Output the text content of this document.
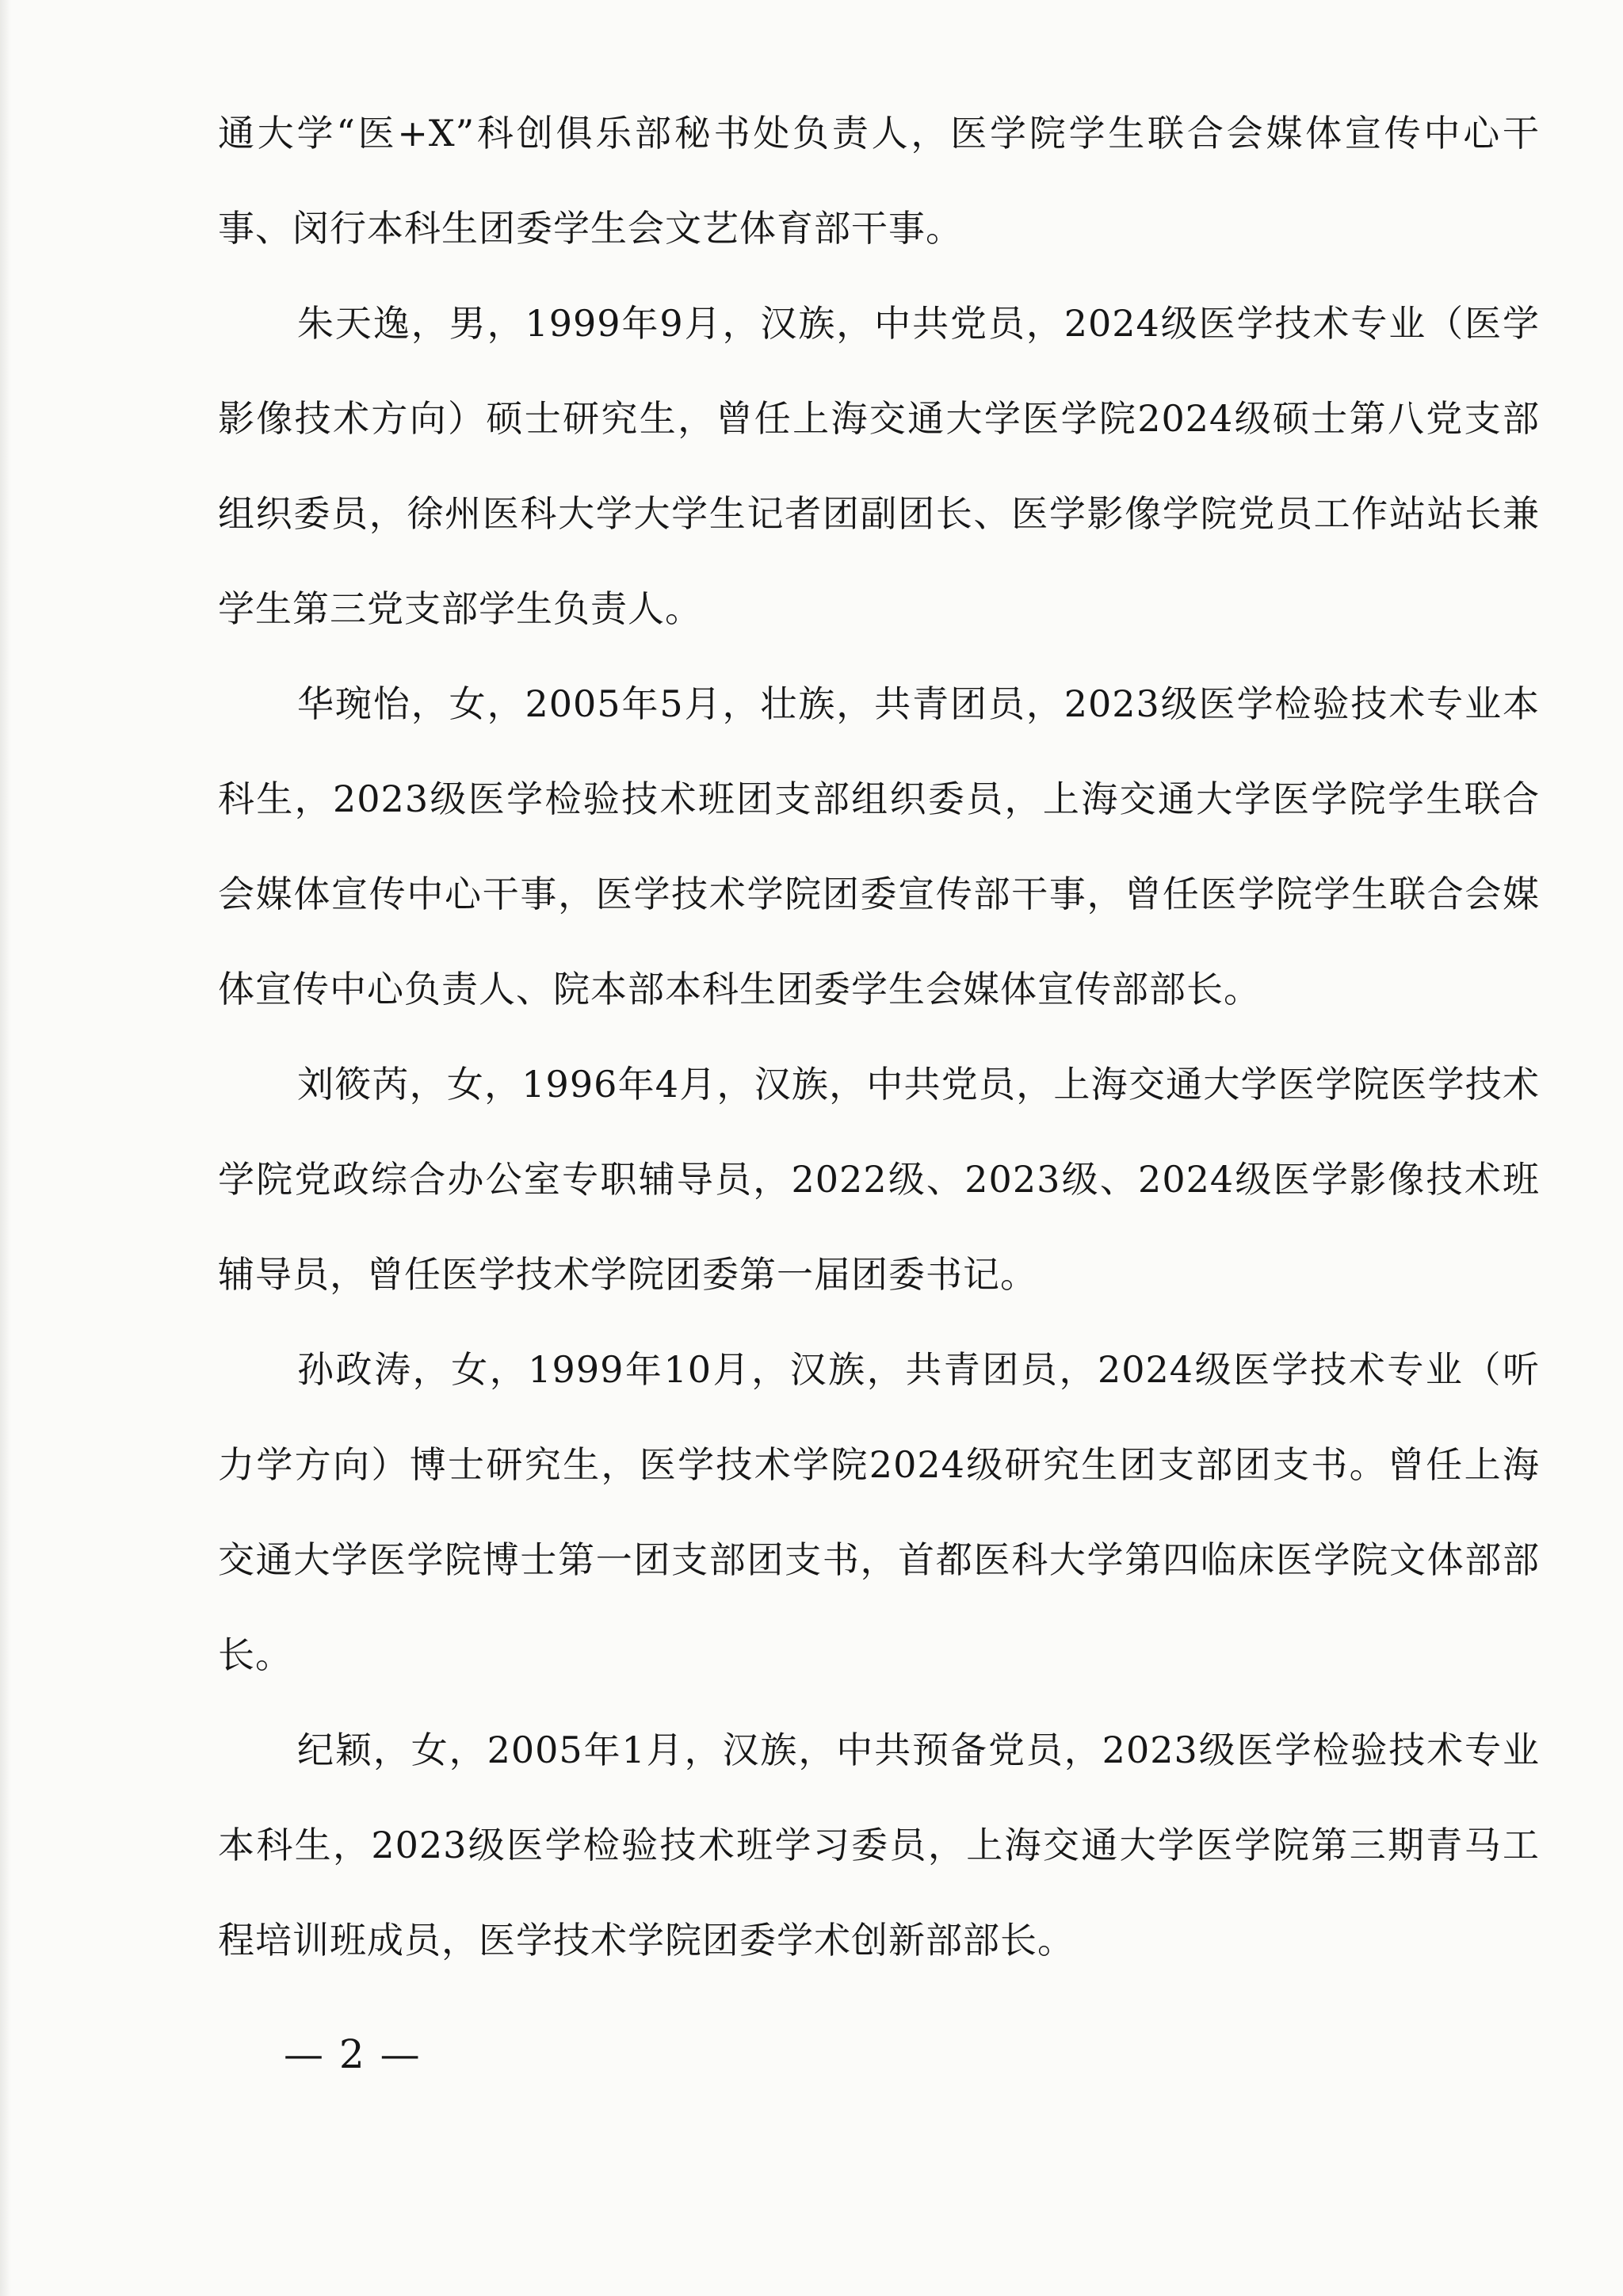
通大学“医+X”科创俱乐部秘书处负责人，医学院学生联合会媒体宣传中心干事、闵行本科生团委学生会文艺体育部干事。

朱天逸，男，1999年9月，汉族，中共党员，2024级医学技术专业（医学影像技术方向）硕士研究生，曾任上海交通大学医学院2024级硕士第八党支部组织委员，徐州医科大学大学生记者团副团长、医学影像学院党员工作站站长兼学生第三党支部学生负责人。

华琬怡，女，2005年5月，壮族，共青团员，2023级医学检验技术专业本科生，2023级医学检验技术班团支部组织委员，上海交通大学医学院学生联合会媒体宣传中心干事，医学技术学院团委宣传部干事，曾任医学院学生联合会媒体宣传中心负责人、院本部本科生团委学生会媒体宣传部部长。

刘筱芮，女，1996年4月，汉族，中共党员，上海交通大学医学院医学技术学院党政综合办公室专职辅导员，2022级、2023级、2024级医学影像技术班辅导员，曾任医学技术学院团委第一届团委书记。

孙政涛，女，1999年10月，汉族，共青团员，2024级医学技术专业（听力学方向）博士研究生，医学技术学院2024级研究生团支部团支书。曾任上海交通大学医学院博士第一团支部团支书，首都医科大学第四临床医学院文体部部长。

纪颖，女，2005年1月，汉族，中共预备党员，2023级医学检验技术专业本科生，2023级医学检验技术班学习委员，上海交通大学医学院第三期青马工程培训班成员，医学技术学院团委学术创新部部长。

— 2 —
